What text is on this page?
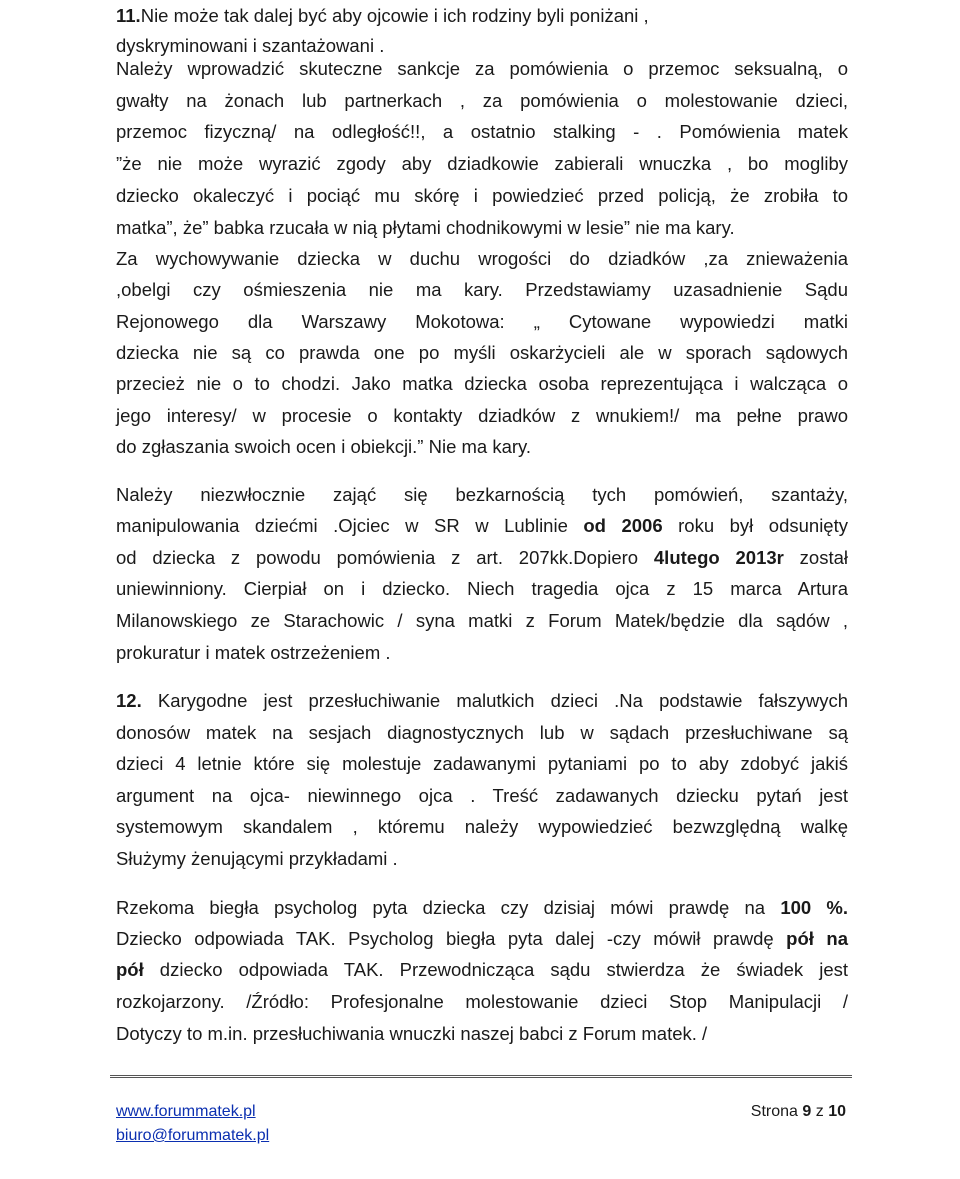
11.Nie może tak dalej być aby ojcowie i ich rodziny byli poniżani ,
dyskryminowani i szantażowani .
Należy wprowadzić skuteczne sankcje za pomówienia o przemoc seksualną, o
gwałty na żonach lub partnerkach , za pomówienia o molestowanie dzieci,
przemoc fizyczną/ na odległość!!, a ostatnio stalking - . Pomówienia matek
”że nie może wyrazić zgody aby dziadkowie zabierali wnuczka , bo mogliby
dziecko okaleczyć i pociąć mu skórę i powiedzieć przed policją, że zrobiła to
matka”, że” babka rzucała w nią płytami chodnikowymi w lesie” nie ma kary.
Za wychowywanie dziecka w duchu wrogości do dziadków ,za znieważenia
,obelgi czy ośmieszenia nie ma kary. Przedstawiamy uzasadnienie Sądu
Rejonowego dla Warszawy Mokotowa: „ Cytowane wypowiedzi matki
dziecka nie są co prawda one po myśli oskarżycieli ale w sporach sądowych
przecież nie o to chodzi. Jako matka dziecka osoba reprezentująca i walcząca o
jego interesy/ w procesie o kontakty dziadków z wnukiem!/ ma pełne prawo
do zgłaszania swoich ocen i obiekcji.” Nie ma kary.
Należy niezwłocznie zająć się bezkarnością tych pomówień, szantaży,
manipulowania dziećmi .Ojciec w SR w Lublinie od 2006 roku był odsunięty
od dziecka z powodu pomówienia z art. 207kk.Dopiero 4lutego 2013r został
uniewinniony. Cierpiał on i dziecko. Niech tragedia ojca z 15 marca Artura
Milanowskiego ze Starachowic / syna matki z Forum Matek/będzie dla sądów ,
prokuratur i matek ostrzeżeniem .
12. Karygodne jest przesłuchiwanie malutkich dzieci .Na podstawie fałszywych
donosów matek na sesjach diagnostycznych lub w sądach przesłuchiwane są
dzieci 4 letnie które się molestuje zadawanymi pytaniami po to aby zdobyć jakiś
argument na ojca- niewinnego ojca . Treść zadawanych dziecku pytań jest
systemowym skandalem , któremu należy wypowiedzieć bezwzględną walkę
Służymy żenującymi przykładami .
Rzekoma biegła psycholog pyta dziecka czy dzisiaj mówi prawdę na 100 %.
Dziecko odpowiada TAK. Psycholog biegła pyta dalej -czy mówił prawdę pół na
pół dziecko odpowiada TAK. Przewodnicząca sądu stwierdza że świadek jest
rozkojarzony. /Źródło: Profesjonalne molestowanie dzieci Stop Manipulacji /
Dotyczy to m.in. przesłuchiwania wnuczki naszej babci z Forum matek. /
www.forummatek.pl
biuro@forummatek.pl
Strona 9 z 10
